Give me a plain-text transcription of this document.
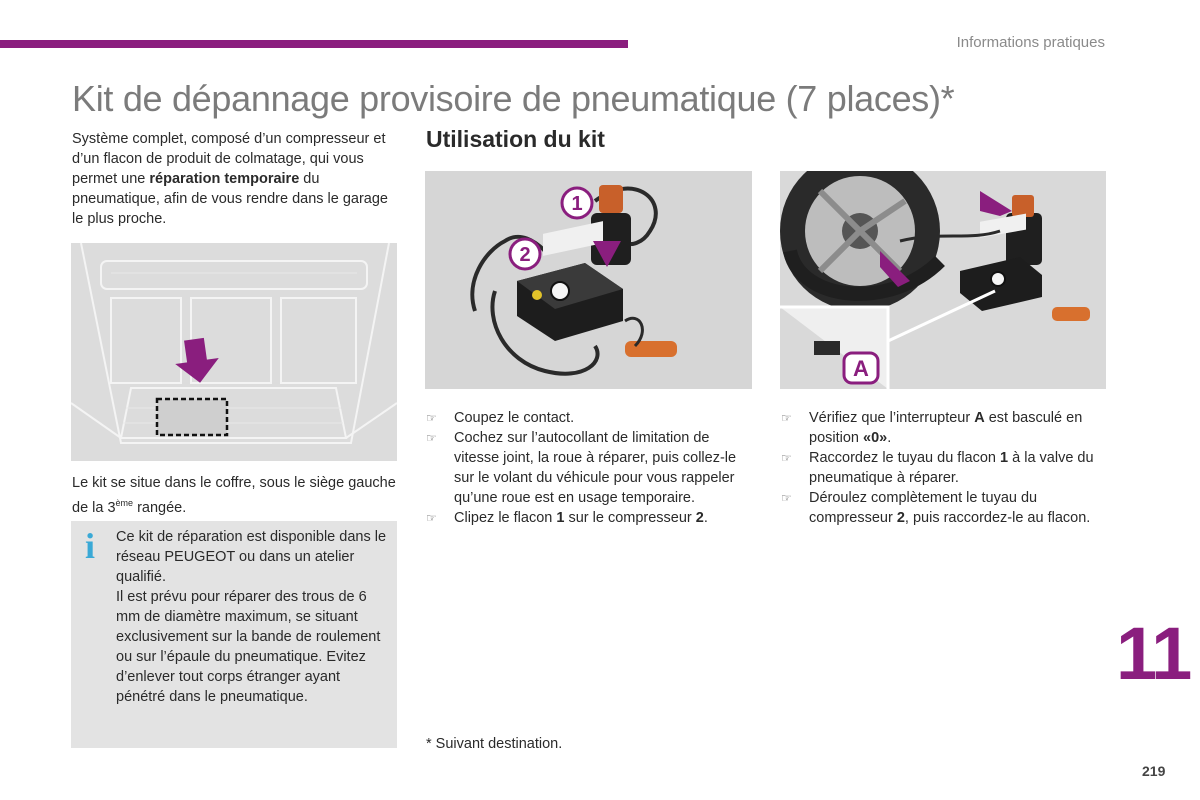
Informations pratiques
Kit de dépannage provisoire de pneumatique (7 places)*

Système complet, composé d’un compresseur et d’un flacon de produit de colmatage, qui vous permet une réparation temporaire du pneumatique, afin de vous rendre dans le garage le plus proche.

Le kit se situe dans le coffre, sous le siège gauche de la 3ème rangée.

i Ce kit de réparation est disponible dans le réseau PEUGEOT ou dans un atelier qualifié.
Il est prévu pour réparer des trous de 6 mm de diamètre maximum, se situant exclusivement sur la bande de roulement ou sur l’épaule du pneumatique. Evitez d’enlever tout corps étranger ayant pénétré dans le pneumatique.
Utilisation du kit
1
2
A
☞ Coupez le contact.
☞ Cochez sur l’autocollant de limitation de vitesse joint, la roue à réparer, puis collez-le sur le volant du véhicule pour vous rappeler qu’une roue est en usage temporaire.
☞ Clipez le flacon 1 sur le compresseur 2.
☞ Vérifiez que l’interrupteur A est basculé en position «0».
☞ Raccordez le tuyau du flacon 1 à la valve du pneumatique à réparer.
☞ Déroulez complètement le tuyau du compresseur 2, puis raccordez-le au flacon.

* Suivant destination.

11
219
